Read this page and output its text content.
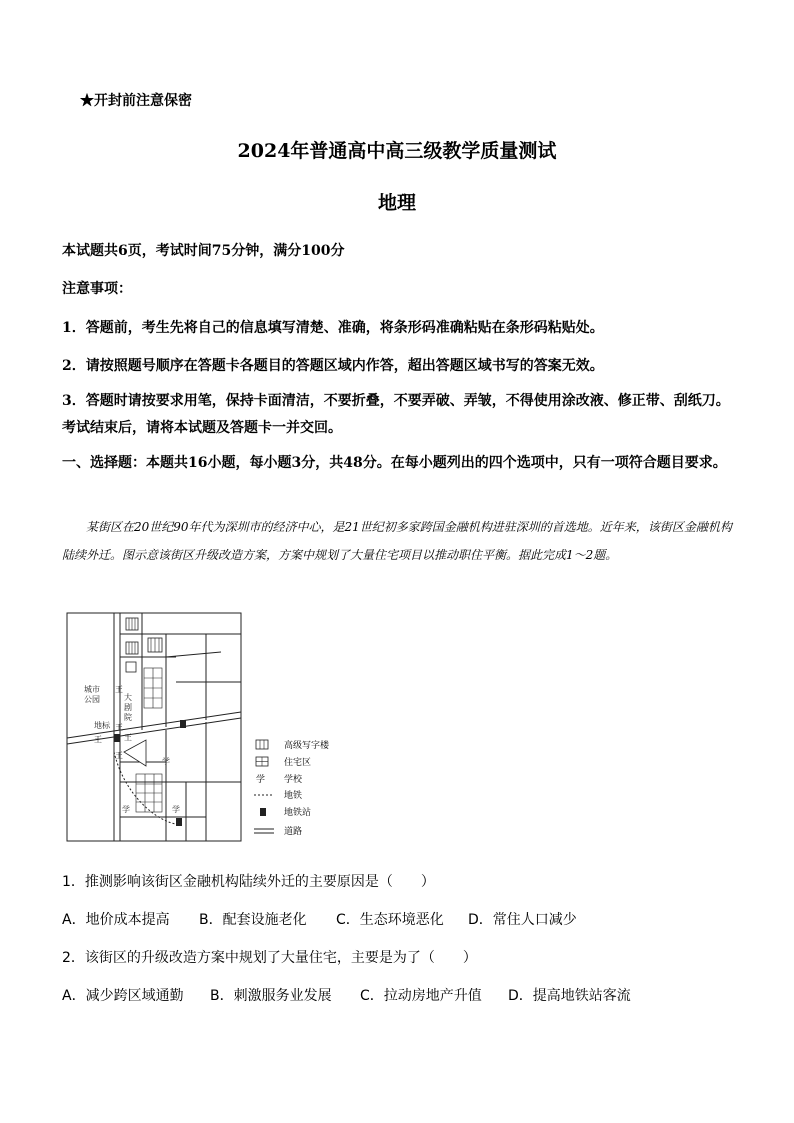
★开封前注意保密
2024年普通高中高三级教学质量测试
地理
本试题共6页，考试时间75分钟，满分100分
注意事项：
1．答题前，考生先将自己的信息填写清楚、准确，将条形码准确粘贴在条形码粘贴处。
2．请按照题号顺序在答题卡各题目的答题区域内作答，超出答题区域书写的答案无效。
3．答题时请按要求用笔，保持卡面清洁，不要折叠，不要弄破、弄皱，不得使用涂改液、修正带、刮纸刀。考试结束后，请将本试题及答题卡一并交回。
一、选择题：本题共16小题，每小题3分，共48分。在每小题列出的四个选项中，只有一项符合题目要求。
某街区在20世纪90年代为深圳市的经济中心，是21世纪初多家跨国金融机构进驻深圳的首选地。近年来，该街区金融机构陆续外迁。图示意该街区升级改造方案，方案中规划了大量住宅项目以推动职住平衡。据此完成1～2题。
城市
公园	大
剧
院
地标
王
王
王	王
王
学
学	学
高级写字楼
住宅区
学 学校
地铁
地铁站
道路
1．推测影响该街区金融机构陆续外迁的主要原因是（　　）
A．地价成本提高 B．配套设施老化 C．生态环境恶化 D．常住人口减少
2．该街区的升级改造方案中规划了大量住宅，主要是为了（　　）
A．减少跨区域通勤 B．刺激服务业发展 C．拉动房地产升值 D．提高地铁站客流
